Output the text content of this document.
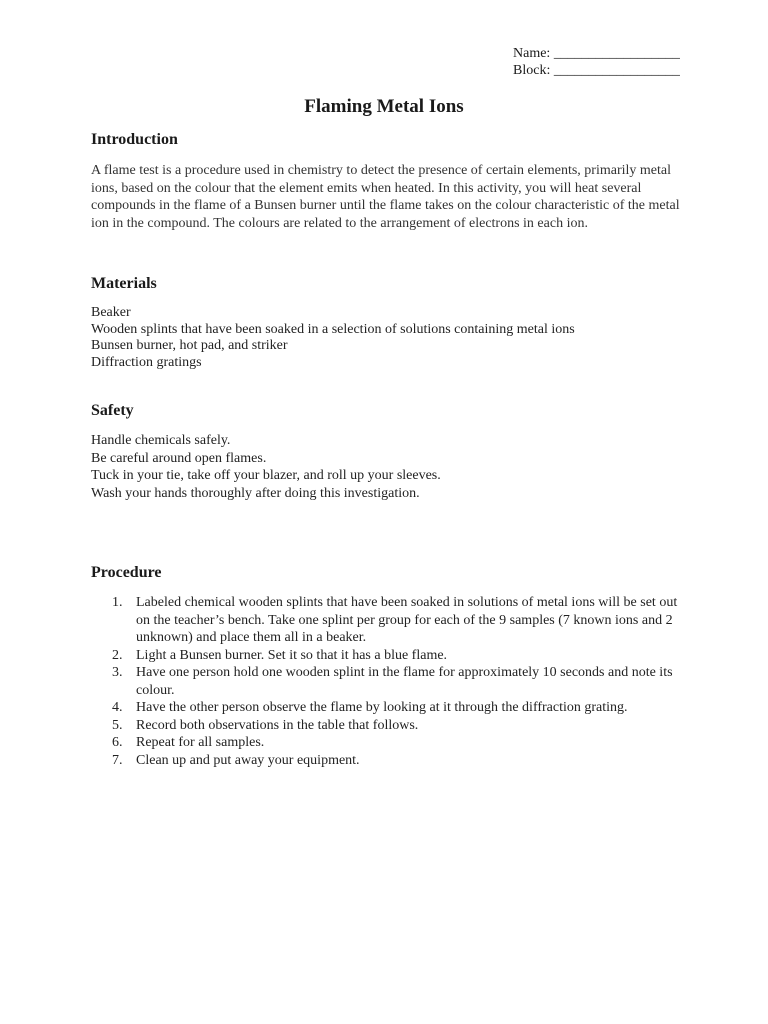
Name: __________________
Block: __________________
Flaming Metal Ions
Introduction
A flame test is a procedure used in chemistry to detect the presence of certain elements, primarily metal ions, based on the colour that the element emits when heated. In this activity, you will heat several compounds in the flame of a Bunsen burner until the flame takes on the colour characteristic of the metal ion in the compound. The colours are related to the arrangement of electrons in each ion.
Materials
Beaker
Wooden splints that have been soaked in a selection of solutions containing metal ions
Bunsen burner, hot pad, and striker
Diffraction gratings
Safety
Handle chemicals safely.
Be careful around open flames.
Tuck in your tie, take off your blazer, and roll up your sleeves.
Wash your hands thoroughly after doing this investigation.
Procedure
1. Labeled chemical wooden splints that have been soaked in solutions of metal ions will be set out on the teacher’s bench. Take one splint per group for each of the 9 samples (7 known ions and 2 unknown) and place them all in a beaker.
2. Light a Bunsen burner. Set it so that it has a blue flame.
3. Have one person hold one wooden splint in the flame for approximately 10 seconds and note its colour.
4. Have the other person observe the flame by looking at it through the diffraction grating.
5. Record both observations in the table that follows.
6. Repeat for all samples.
7. Clean up and put away your equipment.
